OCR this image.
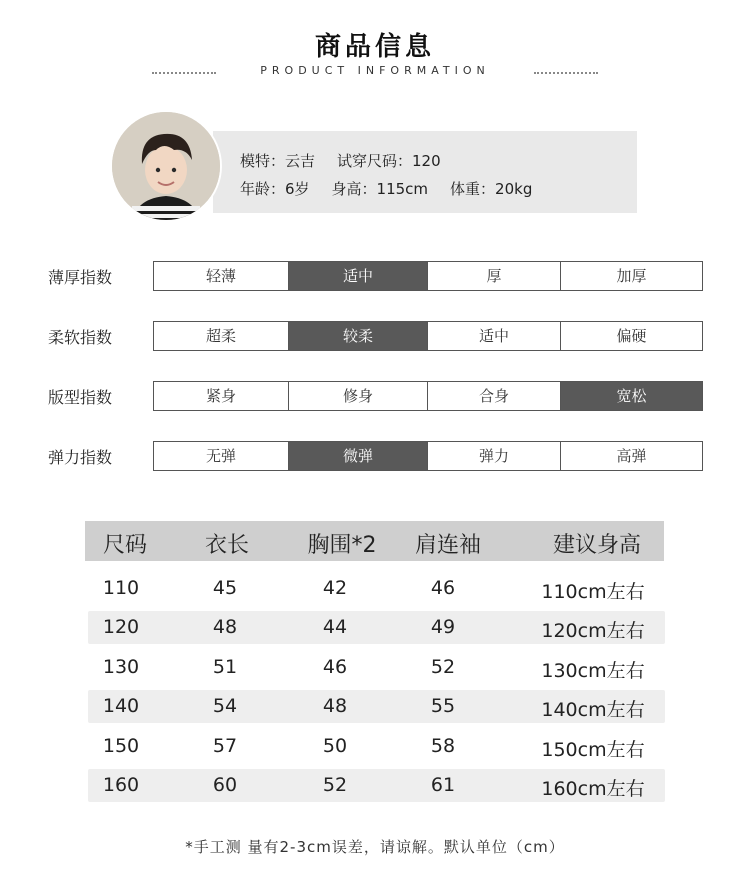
商品信息
PRODUCT INFORMATION
模特：云吉 试穿尺码：120
年龄：6岁 身高：115cm 体重：20kg
薄厚指数	轻薄	适中	厚	加厚
柔软指数	超柔	较柔	适中	偏硬
版型指数	紧身	修身	合身	宽松
弹力指数	无弹	微弹	弹力	高弹
尺码	衣长	胸围*2	肩连袖	建议身高
110	45	42	46	110cm左右
120	48	44	49	120cm左右
130	51	46	52	130cm左右
140	54	48	55	140cm左右
150	57	50	58	150cm左右
160	60	52	61	160cm左右
*手工测 量有2-3cm误差，请谅解。默认单位（cm）
